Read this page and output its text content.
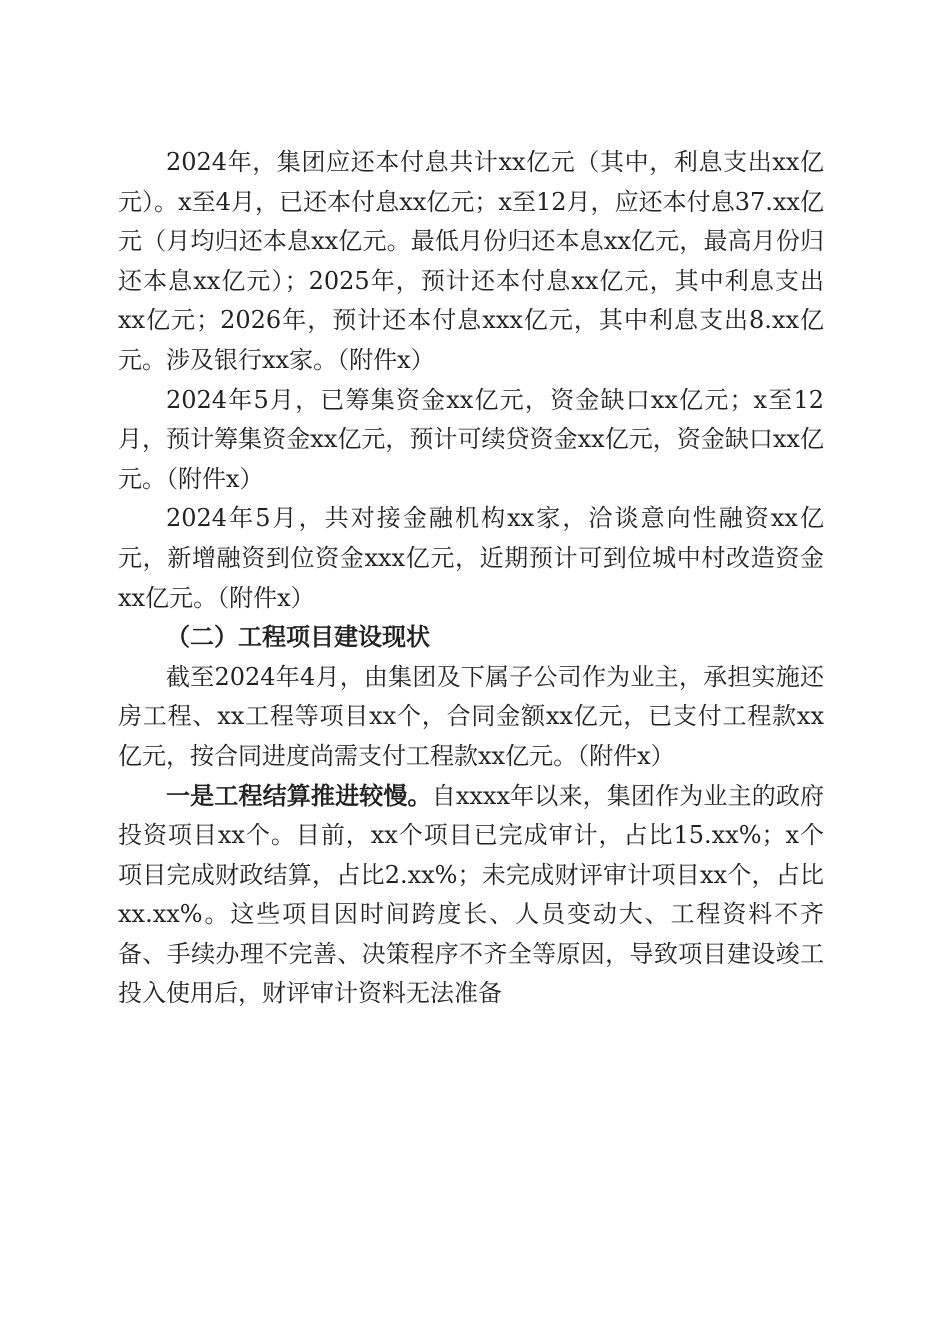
2024年，集团应还本付息共计xx亿元（其中，利息支出xx亿元）。x至4月，已还本付息xx亿元；x至12月，应还本付息37.xx亿元（月均归还本息xx亿元。最低月份归还本息xx亿元，最高月份归还本息xx亿元）；2025年，预计还本付息xx亿元，其中利息支出xx亿元；2026年，预计还本付息xxx亿元，其中利息支出8.xx亿元。涉及银行xx家。（附件x）

2024年5月，已筹集资金xx亿元，资金缺口xx亿元；x至12月，预计筹集资金xx亿元，预计可续贷资金xx亿元，资金缺口xx亿元。（附件x）

2024年5月，共对接金融机构xx家，洽谈意向性融资xx亿元，新增融资到位资金xxx亿元，近期预计可到位城中村改造资金xx亿元。（附件x）

（二）工程项目建设现状

截至2024年4月，由集团及下属子公司作为业主，承担实施还房工程、xx工程等项目xx个，合同金额xx亿元，已支付工程款xx亿元，按合同进度尚需支付工程款xx亿元。（附件x）

一是工程结算推进较慢。自xxxx年以来，集团作为业主的政府投资项目xx个。目前，xx个项目已完成审计，占比15.xx%；x个项目完成财政结算，占比2.xx%；未完成财评审计项目xx个，占比xx.xx%。这些项目因时间跨度长、人员变动大、工程资料不齐备、手续办理不完善、决策程序不齐全等原因，导致项目建设竣工投入使用后，财评审计资料无法准备
